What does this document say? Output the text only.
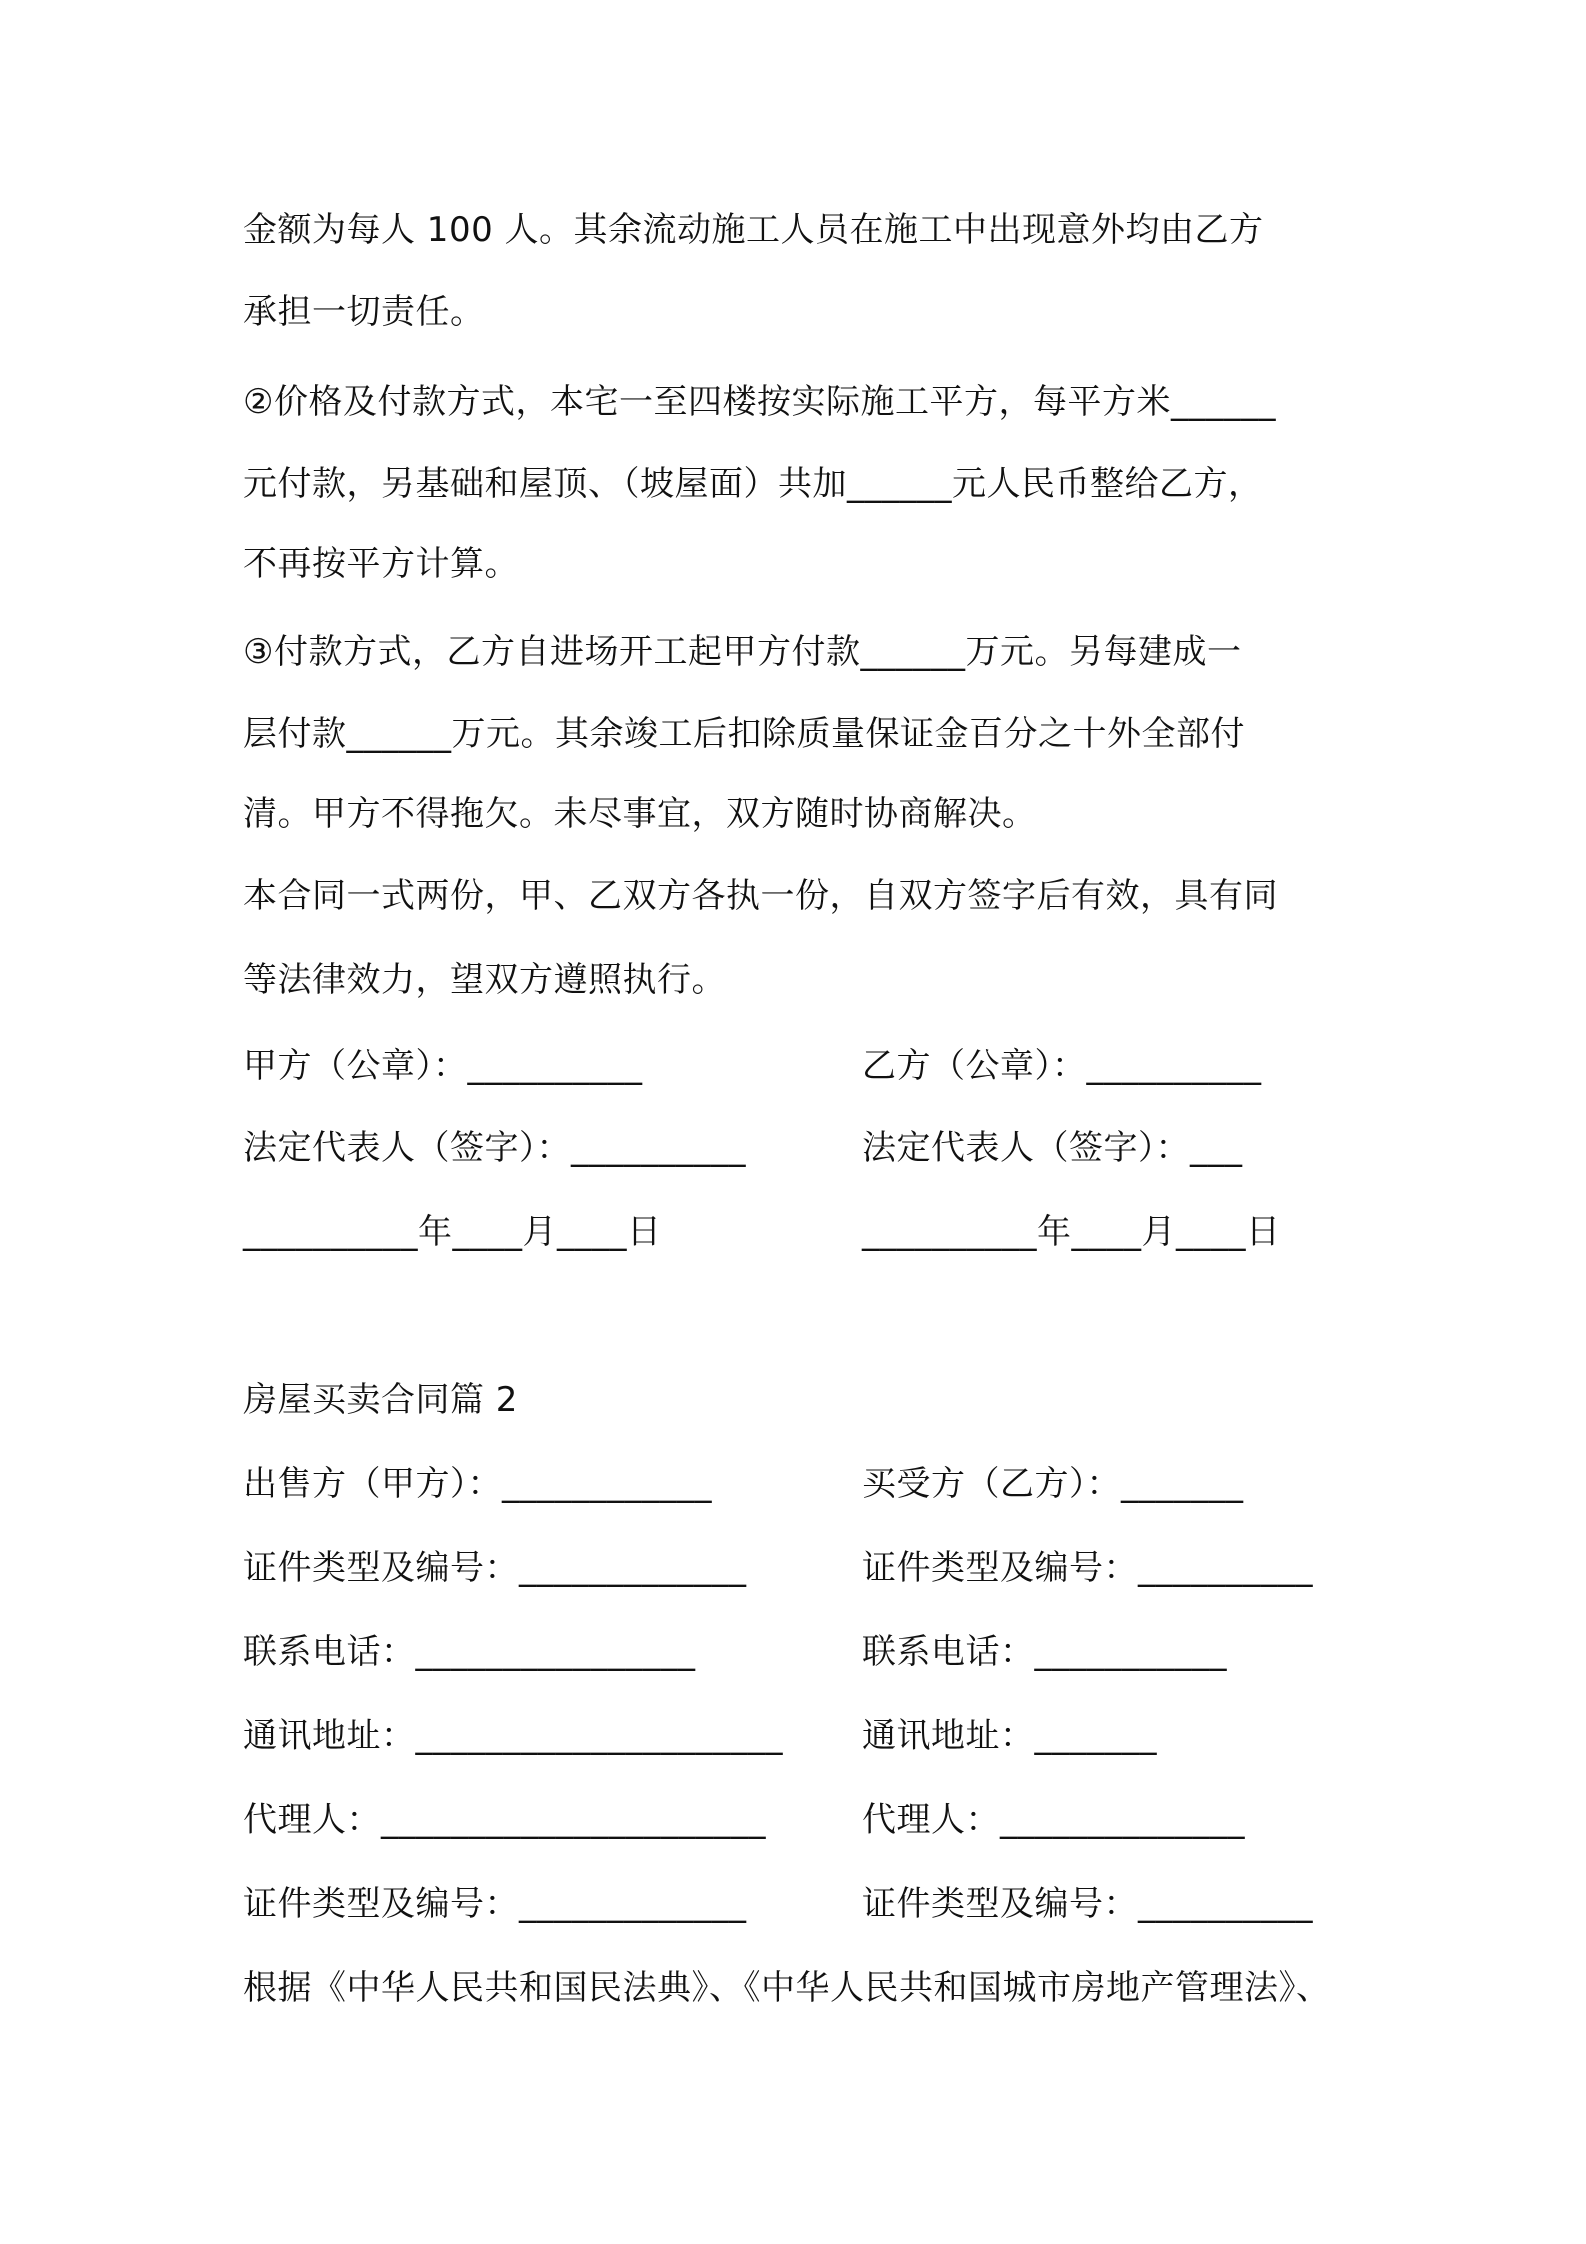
金额为每人 100 人。其余流动施工人员在施工中出现意外均由乙方
承担一切责任。
②价格及付款方式，本宅一至四楼按实际施工平方，每平方米______
元付款，另基础和屋顶、（坡屋面）共加______元人民币整给乙方，
不再按平方计算。
③付款方式，乙方自进场开工起甲方付款______万元。另每建成一
层付款______万元。其余竣工后扣除质量保证金百分之十外全部付
清。甲方不得拖欠。未尽事宜，双方随时协商解决。
本合同一式两份，甲、乙双方各执一份，自双方签字后有效，具有同
等法律效力，望双方遵照执行。
甲方（公章）：__________	乙方（公章）：__________
法定代表人（签字）：__________	法定代表人（签字）：___
__________年____月____日	__________年____月____日
房屋买卖合同篇 2
出售方（甲方）：____________	买受方（乙方）：_______
证件类型及编号：_____________	证件类型及编号：__________
联系电话：________________	联系电话：___________
通讯地址：_____________________ 通讯地址：_______
代理人：______________________	代理人：______________
证件类型及编号：_____________	证件类型及编号：__________
根据《中华人民共和国民法典》、《中华人民共和国城市房地产管理法》、
